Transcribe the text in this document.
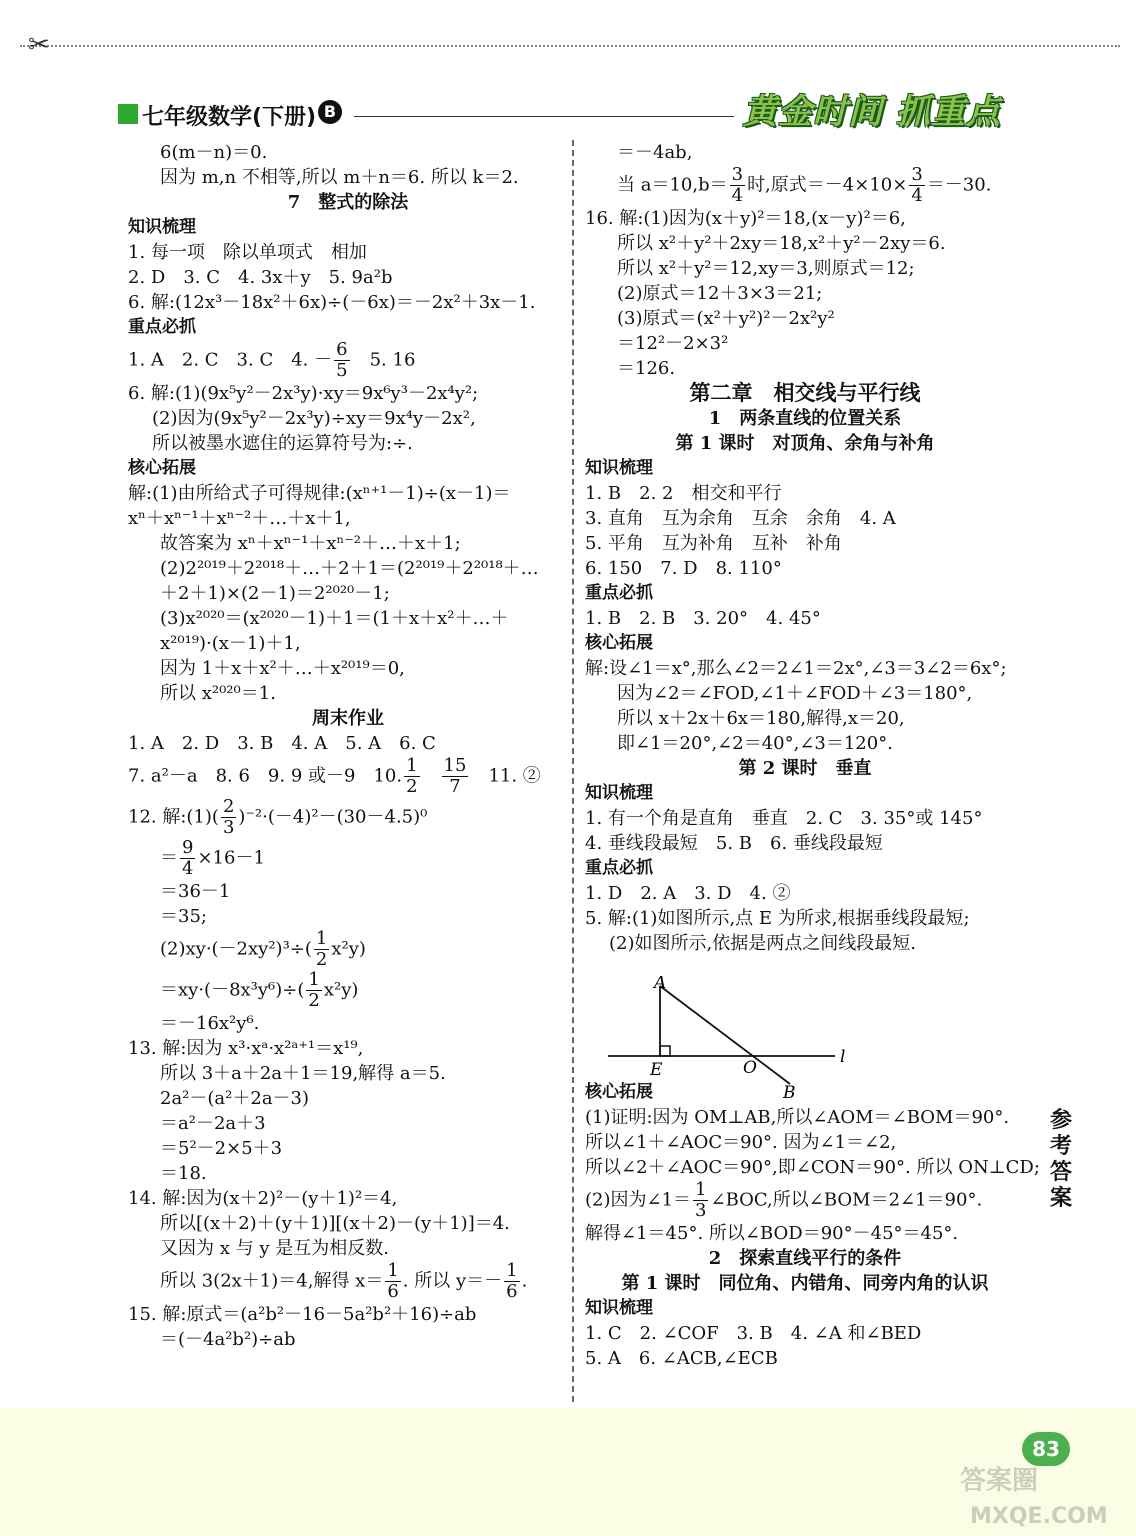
✂
七年级数学(下册) B	黄金时间 抓重点
6(m－n)＝0.
因为 m,n 不相等,所以 m＋n＝6. 所以 k＝2.
7　整式的除法
知识梳理
1. 每一项　除以单项式　相加
2. D　3. C　4. 3x＋y　5. 9a²b
6. 解:(12x³－18x²＋6x)÷(－6x)＝－2x²＋3x－1.
重点必抓
1. A　2. C　3. C　4. － $\frac{6}{5}$
　 5. 16
6. 解:(1)(9x⁵y²－2x³y)·xy＝9x⁶y³－2x⁴y²;
(2)因为(9x⁵y²－2x³y)÷xy＝9x⁴y－2x²,
所以被墨水遮住的运算符号为:÷.
核心拓展
解:(1)由所给式子可得规律:(xⁿ⁺¹－1)÷(x－1)＝
xⁿ＋xⁿ⁻¹＋xⁿ⁻²＋…＋x＋1,
故答案为 xⁿ＋xⁿ⁻¹＋xⁿ⁻²＋…＋x＋1;
(2)2²⁰¹⁹＋2²⁰¹⁸＋…＋2＋1＝(2²⁰¹⁹＋2²⁰¹⁸＋…
＋2＋1)×(2－1)＝2²⁰²⁰－1;
(3)x²⁰²⁰＝(x²⁰²⁰－1)＋1＝(1＋x＋x²＋…＋
x²⁰¹⁹)·(x－1)＋1,
因为 1＋x＋x²＋…＋x²⁰¹⁹＝0,
所以 x²⁰²⁰＝1.
周末作业
1. A　2. D　3. B　4. A　5. A　6. C
7. a²－a　8. 6　9. 9 或－9　10. $\frac{1}{2}$
　 $\frac{15}{7}$
　 11. ②
12. 解:(1)( $\frac{2}{3} )^{-2}\cdot(-4)^2-(30-4.5)^0$
＝ $\frac{9}{4} \times 16-1$
＝36－1
＝35;
$(2)xy\cdot(-2xy^2)^3\div( \frac{1}{2} x^2y)$
$=xy\cdot(-8x^3y^6)\div( \frac{1}{2} x^2y)$
＝－16x²y⁶.
13. 解:因为 x³·xᵃ·x²ᵃ⁺¹＝x¹⁹,
所以 3＋a＋2a＋1＝19,解得 a＝5.
2a²－(a²＋2a－3)
＝a²－2a＋3
＝5²－2×5＋3
＝18.
14. 解:因为(x＋2)²－(y＋1)²＝4,
所以[(x＋2)＋(y＋1)][(x＋2)－(y＋1)]＝4.
又因为 x 与 y 是互为相反数.
所以 3(2x＋1)＝4,解得 $x= \frac{1}{6}$ . 所以 $y=- \frac{1}{6}$ .
15. 解:原式＝(a²b²－16－5a²b²＋16)÷ab
＝(－4a²b²)÷ab
＝－4ab,
当 $a=10,b= \frac{3}{4}$ 时,原式$=-4\times 10\times \frac{3}{4} =-30$.
16. 解:(1)因为(x＋y)²＝18,(x－y)²＝6,
所以 x²＋y²＋2xy＝18,x²＋y²－2xy＝6.
所以 x²＋y²＝12,xy＝3,则原式＝12;
(2)原式＝12＋3×3＝21;
(3)原式＝(x²＋y²)²－2x²y²
＝12²－2×3²
＝126.
第二章　相交线与平行线
1　两条直线的位置关系
第 1 课时　对顶角、余角与补角
知识梳理
1. B　2. 2　相交和平行
3. 直角　互为余角　互余　余角　4. A
5. 平角　互为补角　互补　补角
6. 150　7. D　8. 110°
重点必抓
1. B　2. B　3. 20°　4. 45°
核心拓展
解:设∠1＝x°,那么∠2＝2∠1＝2x°,∠3＝3∠2＝6x°;
因为∠2＝∠FOD,∠1＋∠FOD＋∠3＝180°,
所以 x＋2x＋6x＝180,解得,x＝20,
即∠1＝20°,∠2＝40°,∠3＝120°.
第 2 课时　垂直
知识梳理
1. 有一个角是直角　垂直　2. C　3. 35°或 145°
4. 垂线段最短　5. B　6. 垂线段最短
重点必抓
1. D　2. A　3. D　4. ②
5. 解:(1)如图所示,点 E 为所求,根据垂线段最短;
(2)如图所示,依据是两点之间线段最短.
核心拓展
(1)证明:因为 OM⊥AB,所以∠AOM＝∠BOM＝90°.
所以∠1＋∠AOC＝90°. 因为∠1＝∠2,
所以∠2＋∠AOC＝90°,即∠CON＝90°. 所以 ON⊥CD;
(2)因为∠1＝ $\frac{1}{3}$ ∠BOC,所以∠BOM＝2∠1＝90°.
解得∠1＝45°. 所以∠BOD＝90°－45°＝45°.
2　探索直线平行的条件
第 1 课时　同位角、内错角、同旁内角的认识
知识梳理
1. C　2. ∠COF　3. B　4. ∠A 和∠BED
5. A　6. ∠ACB,∠ECB
A
E	O
B
l
参
考
答
案
83
答案圈
MXQE.COM
